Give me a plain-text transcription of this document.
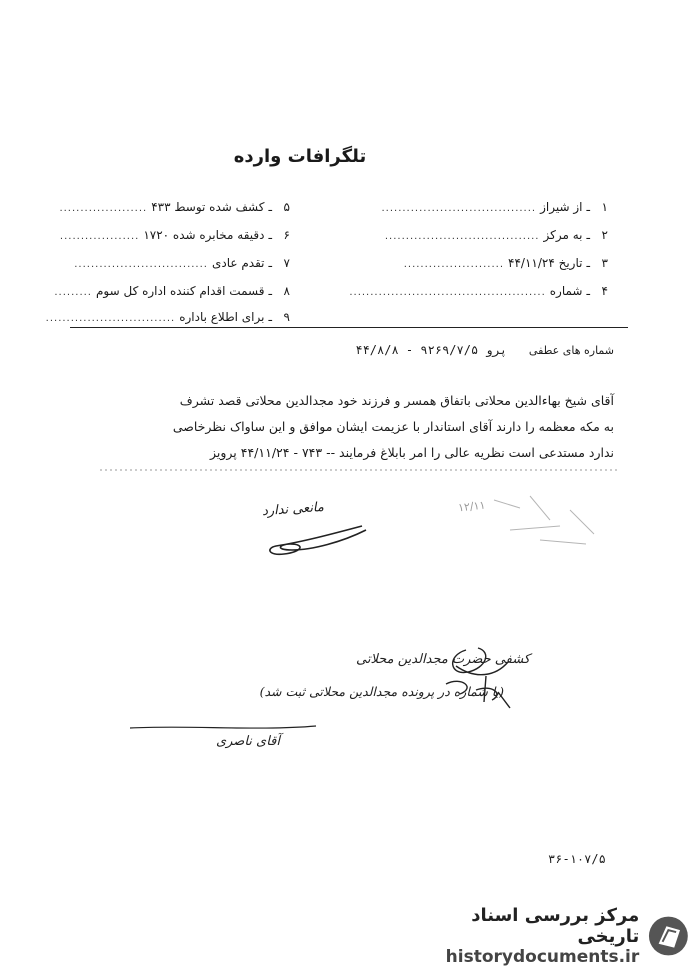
تلگرافات وارده
۱
ـ
از شیراز
.....................................
۲
ـ
به مرکز
.....................................
۳
ـ
تاریخ ۴۴/۱۱/۲۴
........................
۴
ـ
شماره
...............................................
۵
ـ
کشف شده توسط ۴۳۳
.....................
۶
ـ
دقیقه مخابره شده ۱۷۲۰
...................
۷
ـ
تقدم عادی
................................
۸
ـ
قسمت اقدام کننده اداره کل سوم
.........
۹
ـ
برای اطلاع باداره
...............................
شماره های عطفی پرو ۹۲۶۹/۷/۵ - ۴۴/۸/۸
آقای شیخ بهاءالدین محلاتی باتفاق همسر و فرزند خود مجدالدین محلاتی قصد تشرف
به مکه معظمه را دارند آقای استاندار با عزیمت ایشان موافق و این ساواک نظرخاصی
ندارد مستدعی است نظریه عالی را امر بابلاغ فرمایند -- ۷۴۳ - ۴۴/۱۱/۲۴ پرویز
مانعی ندارد	۱۲/۱۱
کشفی حضرت مجدالدین محلاتی
(با شماره در پرونده مجدالدین محلاتی ثبت شد)
آقای ناصری
۳۶-۱۰۷/۵
مرکز بررسی اسناد تاریخی
historydocuments.ir
